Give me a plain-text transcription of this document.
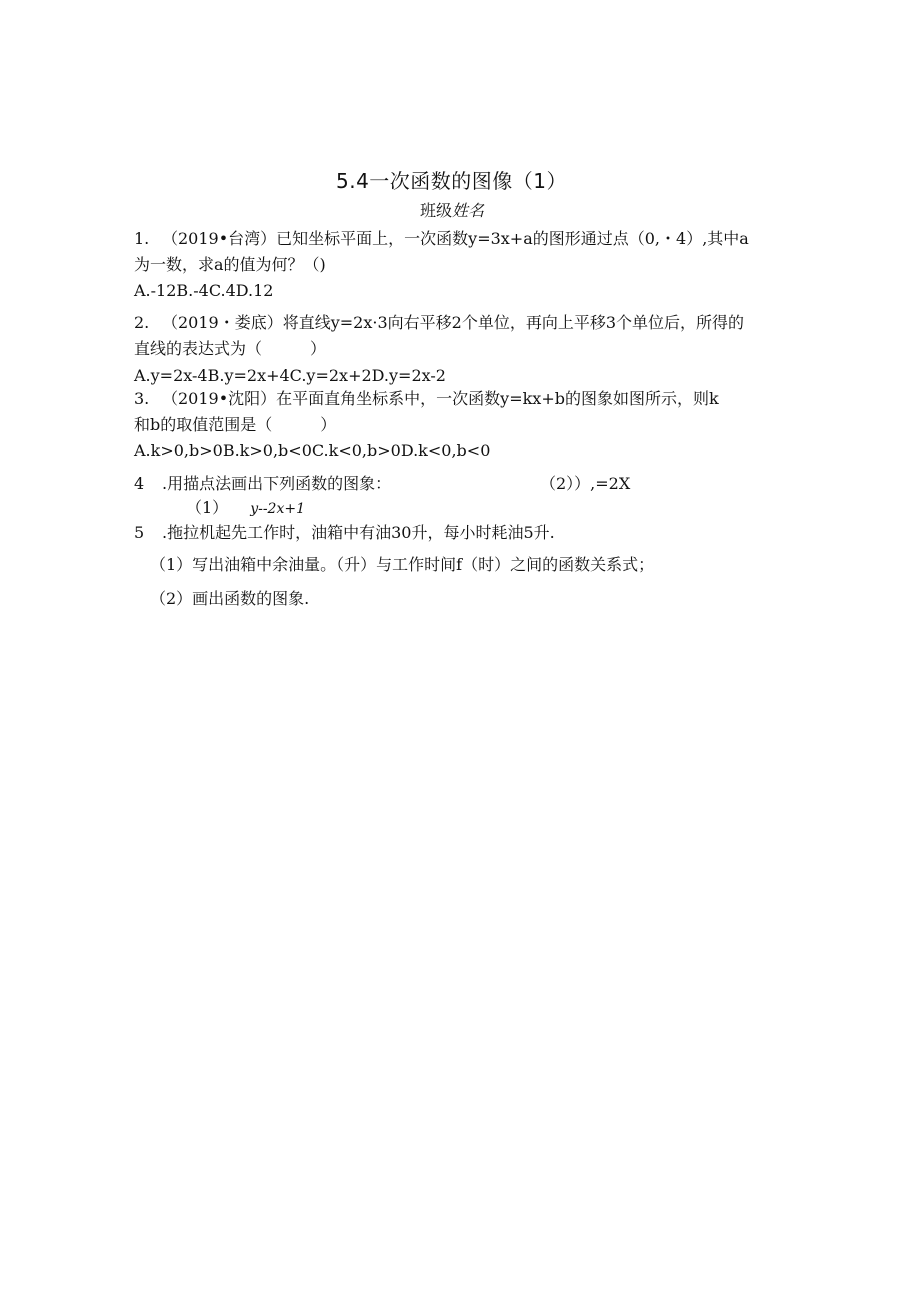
5.4一次函数的图像（1）
班级姓名
1. （2019•台湾）已知坐标平面上，一次函数y=3x+a的图形通过点（0,・4）,其中a
为一数，求a的值为何？（)
A.-12B.-4C.4D.12
2. （2019・娄底）将直线y=2x·3向右平移2个单位，再向上平移3个单位后，所得的
直线的表达式为（　　　）
A.y=2x-4B.y=2x+4C.y=2x+2D.y=2x-2
3. （2019•沈阳）在平面直角坐标系中，一次函数y=kx+b的图象如图所示，则k
和b的取值范围是（　　　）
A.k>0,b>0B.k>0,b<0C.k<0,b>0D.k<0,b<0
4 .用描点法画出下列函数的图象：	（2））,=2X
（1） y--2x+1
5 .拖拉机起先工作时，油箱中有油30升，每小时耗油5升.
（1）写出油箱中余油量。（升）与工作时间f（时）之间的函数关系式；
（2）画出函数的图象.
